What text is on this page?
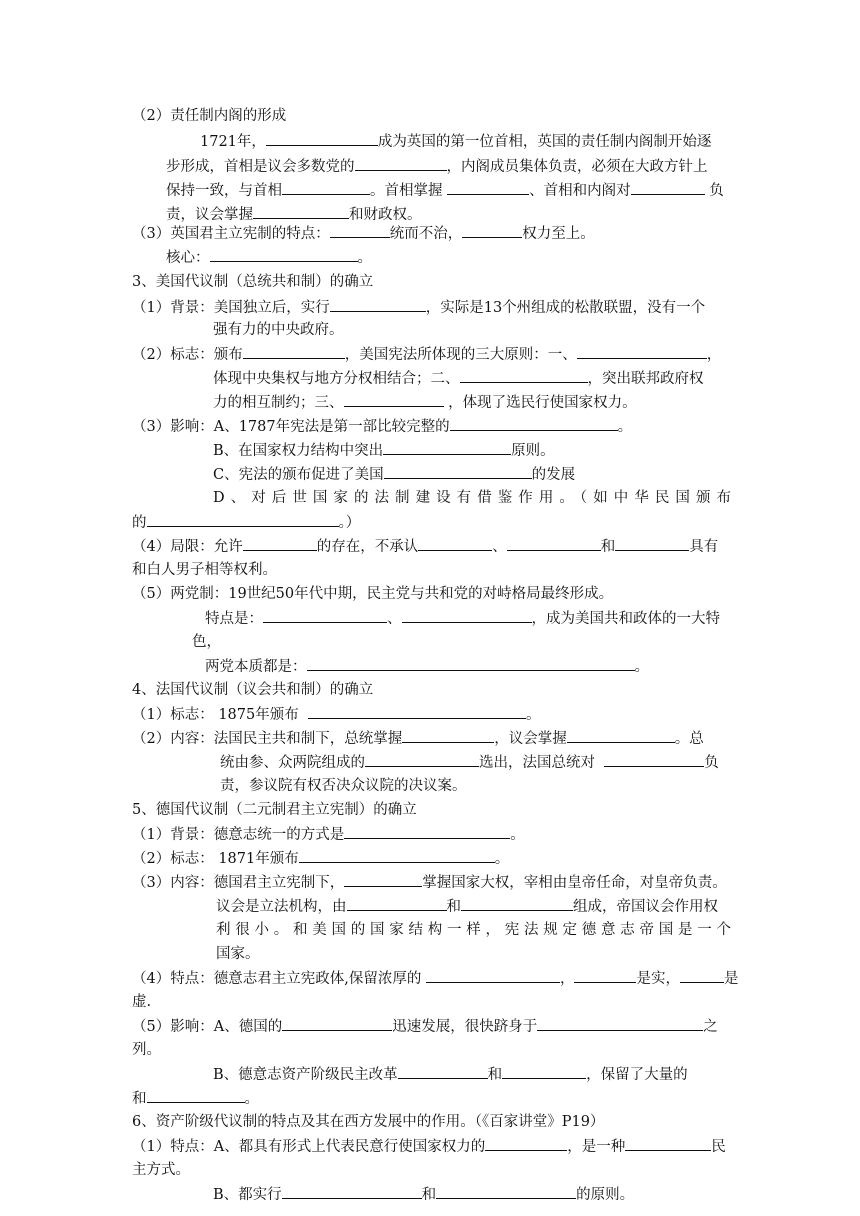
（2）责任制内阁的形成
1721年，	成为英国的第一位首相，英国的责任制内阁制开始逐
步形成，首相是议会多数党的	，内阁成员集体负责，必须在大政方针上
保持一致，与首相	。首相掌握	、首相和内阁对	负
责，议会掌握	和财政权。
（3）英国君主立宪制的特点：	统而不治，	权力至上。
核心：	。
3、美国代议制（总统共和制）的确立
（1）背景：美国独立后，实行	，实际是13个州组成的松散联盟，没有一个
强有力的中央政府。
（2）标志：颁布	，美国宪法所体现的三大原则：一、	，
体现中央集权与地方分权相结合；二、	，突出联邦政府权
力的相互制约；三、	，体现了选民行使国家权力。
（3）影响：A、1787年宪法是第一部比较完整的	。
B、在国家权力结构中突出	原则。
C、宪法的颁布促进了美国	的发展
D、对后世国家的法制建设有借鉴作用。（如中华民国颁布
的	。）
（4）局限：允许	的存在，不承认	、	和	具有
和白人男子相等权利。
（5）两党制：19世纪50年代中期，民主党与共和党的对峙格局最终形成。
特点是：	、	，成为美国共和政体的一大特
色，
两党本质都是：	。
4、法国代议制（议会共和制）的确立
（1）标志： 1875年颁布	。
（2）内容：法国民主共和制下，总统掌握	，议会掌握	。总
统由参、众两院组成的	选出，法国总统对	负
责，参议院有权否决众议院的决议案。
5、德国代议制（二元制君主立宪制）的确立
（1）背景：德意志统一的方式是	。
（2）标志： 1871年颁布	。
（3）内容：德国君主立宪制下，	掌握国家大权，宰相由皇帝任命，对皇帝负责。
议会是立法机构，由	和	组成，帝国议会作用权
利很小。和美国的国家结构一样，宪法规定德意志帝国是一个
国家。
（4）特点：德意志君主立宪政体,保留浓厚的	，	是实，	是
虚.
（5）影响：A、德国的	迅速发展，很快跻身于	之
列。
B、德意志资产阶级民主改革	和	，保留了大量的
和	。
6、资产阶级代议制的特点及其在西方发展中的作用。（《百家讲堂》P19）
（1）特点：A、都具有形式上代表民意行使国家权力的	，是一种	民
主方式。
B、都实行	和	的原则。
